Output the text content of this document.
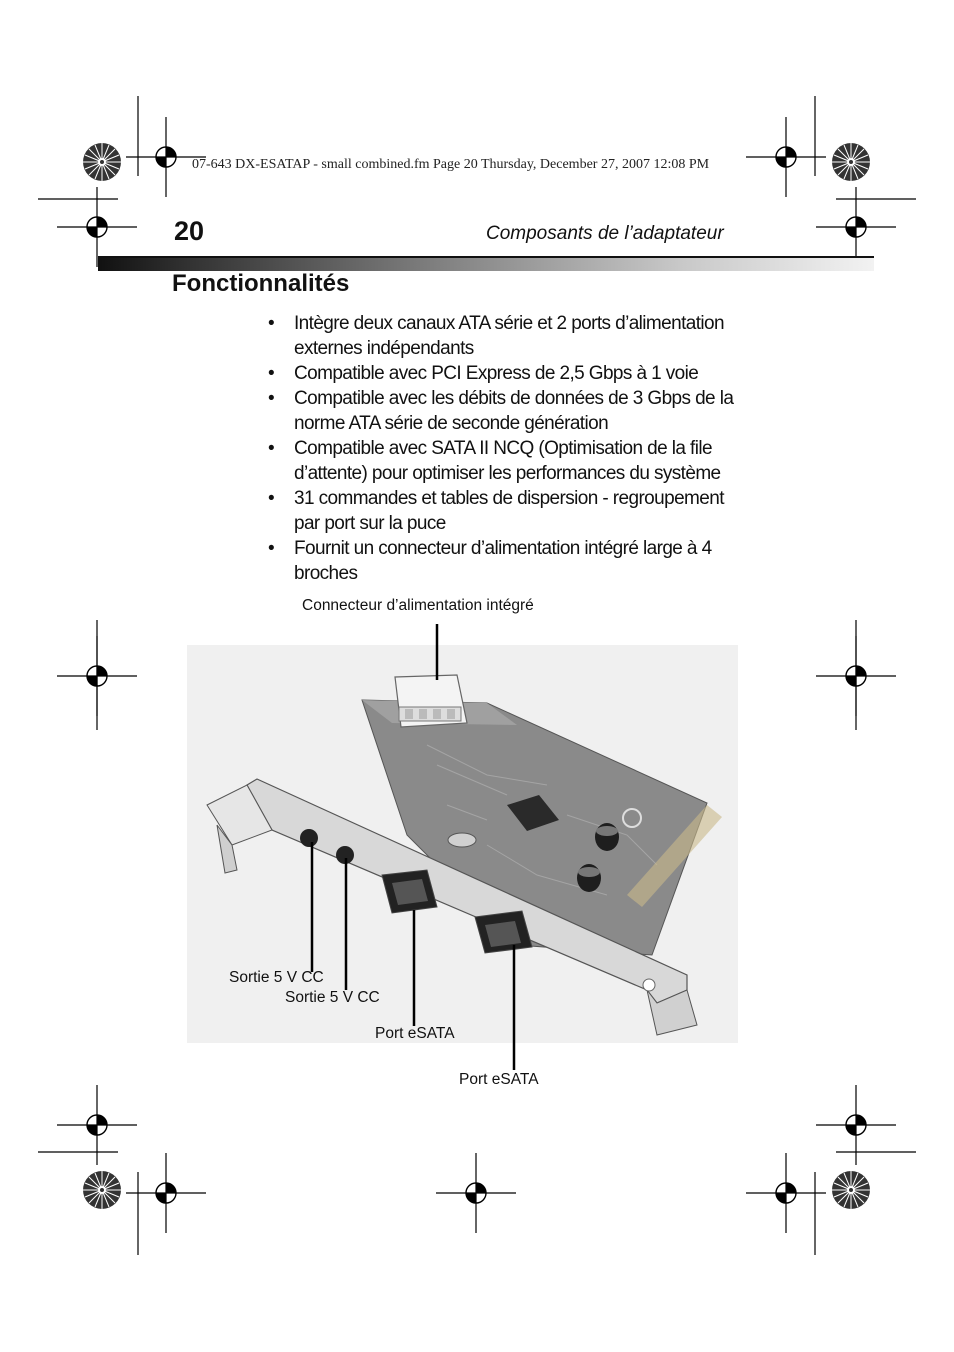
07-643 DX-ESATAP - small combined.fm Page 20 Thursday, December 27, 2007 12:08 PM
20	Composants de l’adaptateur
Fonctionnalités
• Intègre deux canaux ATA série et 2 ports d’alimentation externes indépendants
• Compatible avec PCI Express de 2,5 Gbps à 1 voie
• Compatible avec les débits de données de 3 Gbps de la norme ATA série de seconde génération
• Compatible avec SATA II NCQ (Optimisation de la file d’attente) pour optimiser les performances du système
• 31 commandes et tables de dispersion - regroupement par port sur la puce
• Fournit un connecteur d’alimentation intégré large à 4 broches
Connecteur d’alimentation intégré
Sortie 5 V CC
Sortie 5 V CC
Port eSATA
Port eSATA
